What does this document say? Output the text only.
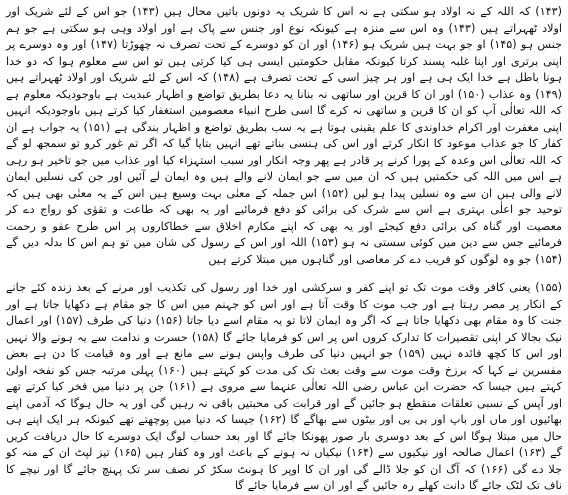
(۱۴۳) کہ اللہ کے نہ اولاد ہو سکتی ہے نہ اس کا شریک یہ دونوں باتیں محال ہیں (۱۴۳) جو اس کے لئے شریک اور اولاد ٹھہراتے ہیں (۱۴۳) وہ اس سے منزہ ہے کیونکہ نوع اور جنس سے پاک ہے اور اولاد وہی ہو سکتی ہے جو ہم جنس ہو (۱۴۵) او جو بہت ہیں شریک ہو (۱۴۶) اور ان کو دوسرے کے تحت تصرف نہ چھوڑتا (۱۴۷) اور وہ دوسرے پر اپنی برتری اور اپنا غلبہ پسند کرتا کیونکہ مقابل حکومتیں ایسی ہی کیا کرتی ہیں تو اس سے معلوم ہوا کہ دو خدا ہونا باطل ہے خدا ایک ہی ہے اور ہر چیز اسی کے تحت تصرف ہے (۱۴۸) کہ اس کے لئے شریک اور اولاد ٹھہراتے ہیں (۱۴۹) وہ عذاب (۱۵۰) اور ان کا قرین اور ساتھی نہ بنانا یہ دعا بطریق تواضع و اظہار عبدیت ہے باوجودیکہ معلوم ہے کہ اللہ تعالٰی آپ کو ان کا قرین و ساتھی نہ کرے گا اسی طرح انبیاء معصومین استغفار کیا کرتے ہیں باوجودیکہ انہیں اپنی مغفرت اور اکرام خداوندی کا علم یقینی ہوتا ہے یہ سب بطریق تواضع و اظہار بندگی ہے (۱۵۱) یہ جواب ہے ان کفار کا جو عذاب موعود کا انکار کرتے اور اس کی ہنسی بناتے تھے انہیں بتایا گیا کہ اگر تم غور کرو تو سمجھ لو گے کہ اللہ تعالٰی اس وعدہ کے پورا کرنے پر قادر ہے پھر وجہ انکار اور سبب استہزاء کیا اور عذاب میں جو تاخیر ہو رہی ہے اس میں اللہ کی حکمتیں ہیں کہ ان میں سے جو ایمان لانے والے ہیں وہ ایمان لے آئیں اور جن کی نسلیں ایمان لانے والی ہیں ان سے وہ نسلیں پیدا ہو لیں (۱۵۲) اس جملہ کے معنٰی بہت وسیع ہیں اس کے یہ معنٰی بھی ہیں کہ توحید جو اعلٰی بہتری ہے اس سے شرک کی برائی کو دفع فرمائیے اور یہ بھی کہ طاعت و تقوٰی کو رواج دے کر معصیت اور گناہ کی برائی دفع کیجئے اور یہ بھی کہ اپنے مکارم اخلاق سے خطاکاروں پر اس طرح عفو و رحمت فرمائیے جس سے دین میں کوئی سستی نہ ہو (۱۵۳) اللہ اور اس کے رسول کی شان میں تو ہم اس کا بدلہ دیں گے (۱۵۴) جو وہ لوگوں کو فریب دے کر معاصی اور گناہوں میں مبتلا کرتے ہیں

(۱۵۵) یعنی کافر وقت موت تک تو اپنے کفر و سرکشی اور خدا اور رسول کی تکذیب اور مرنے کے بعد زندہ کئے جانے کے انکار پر مصر رہتا ہے اور جب موت کا وقت آتا ہے اور اس کو جہنم میں اس کا جو مقام ہے دکھایا جاتا ہے اور جنت کا وہ مقام بھی دکھایا جاتا ہے کہ اگر وہ ایمان لاتا تو یہ مقام اسے دیا جاتا (۱۵۶) دنیا کی طرف (۱۵۷) اور اعمال نیک بجالا کر اپنی تقصیرات کا تدارک کروں اس پر اس کو فرمایا جائے گا (۱۵۸) حسرت و ندامت سے یہ ہونے والا نہیں اور اس کا کچھ فائدہ نہیں (۱۵۹) جو انہیں دنیا کی طرف واپس ہونے سے مانع ہے اور وہ قیامت کا دن ہے بعض مفسرین نے کہا کہ برزخ وقت موت سے وقت بعث تک کی مدت کو کہتے ہیں (۱۶۰) پہلی مرتبہ جس کو نفخہ اولیٰ کہتے ہیں جیسا کہ حضرت ابن عباس رضی اللہ تعالٰی عنہما سے مروی ہے (۱۶۱) جن پر دنیا میں فخر کیا کرتے تھے اور آپس کے نسبی تعلقات منقطع ہو جائیں گے اور قرابت کی محبتیں باقی نہ رہیں گی اور یہ حال ہوگا کہ آدمی اپنے بھائیوں اور ماں اور باپ اور بی بی اور بیٹوں سے بھاگے گا (۱۶۲) جیسا کہ دنیا میں پوچھتے تھے کیونکہ ہر ایک اپنے ہی حال میں مبتلا ہوگا اس کے بعد دوسری بار صور پھونکا جائے گا اور بعد حساب لوگ ایک دوسرے کا حال دریافت کریں گے (۱۶۳) اعمال صالحہ اور نیکیوں سے (۱۶۴) نیکیاں نہ ہونے کے باعث اور وہ کفار ہیں (۱۶۵) تیز لپٹ ان کے منہ کو جلا دے گی (۱۶۶) کہ آگ ان کو جلا ڈالے گی اور ان کا اوپر کا ہونٹ سکڑ کر نصف سر تک پہنچ جائے گا اور نیچے کا ناف تک لٹک جائے گا دانت کھلے رہ جائیں گے اور ان سے فرمایا جائے گا
